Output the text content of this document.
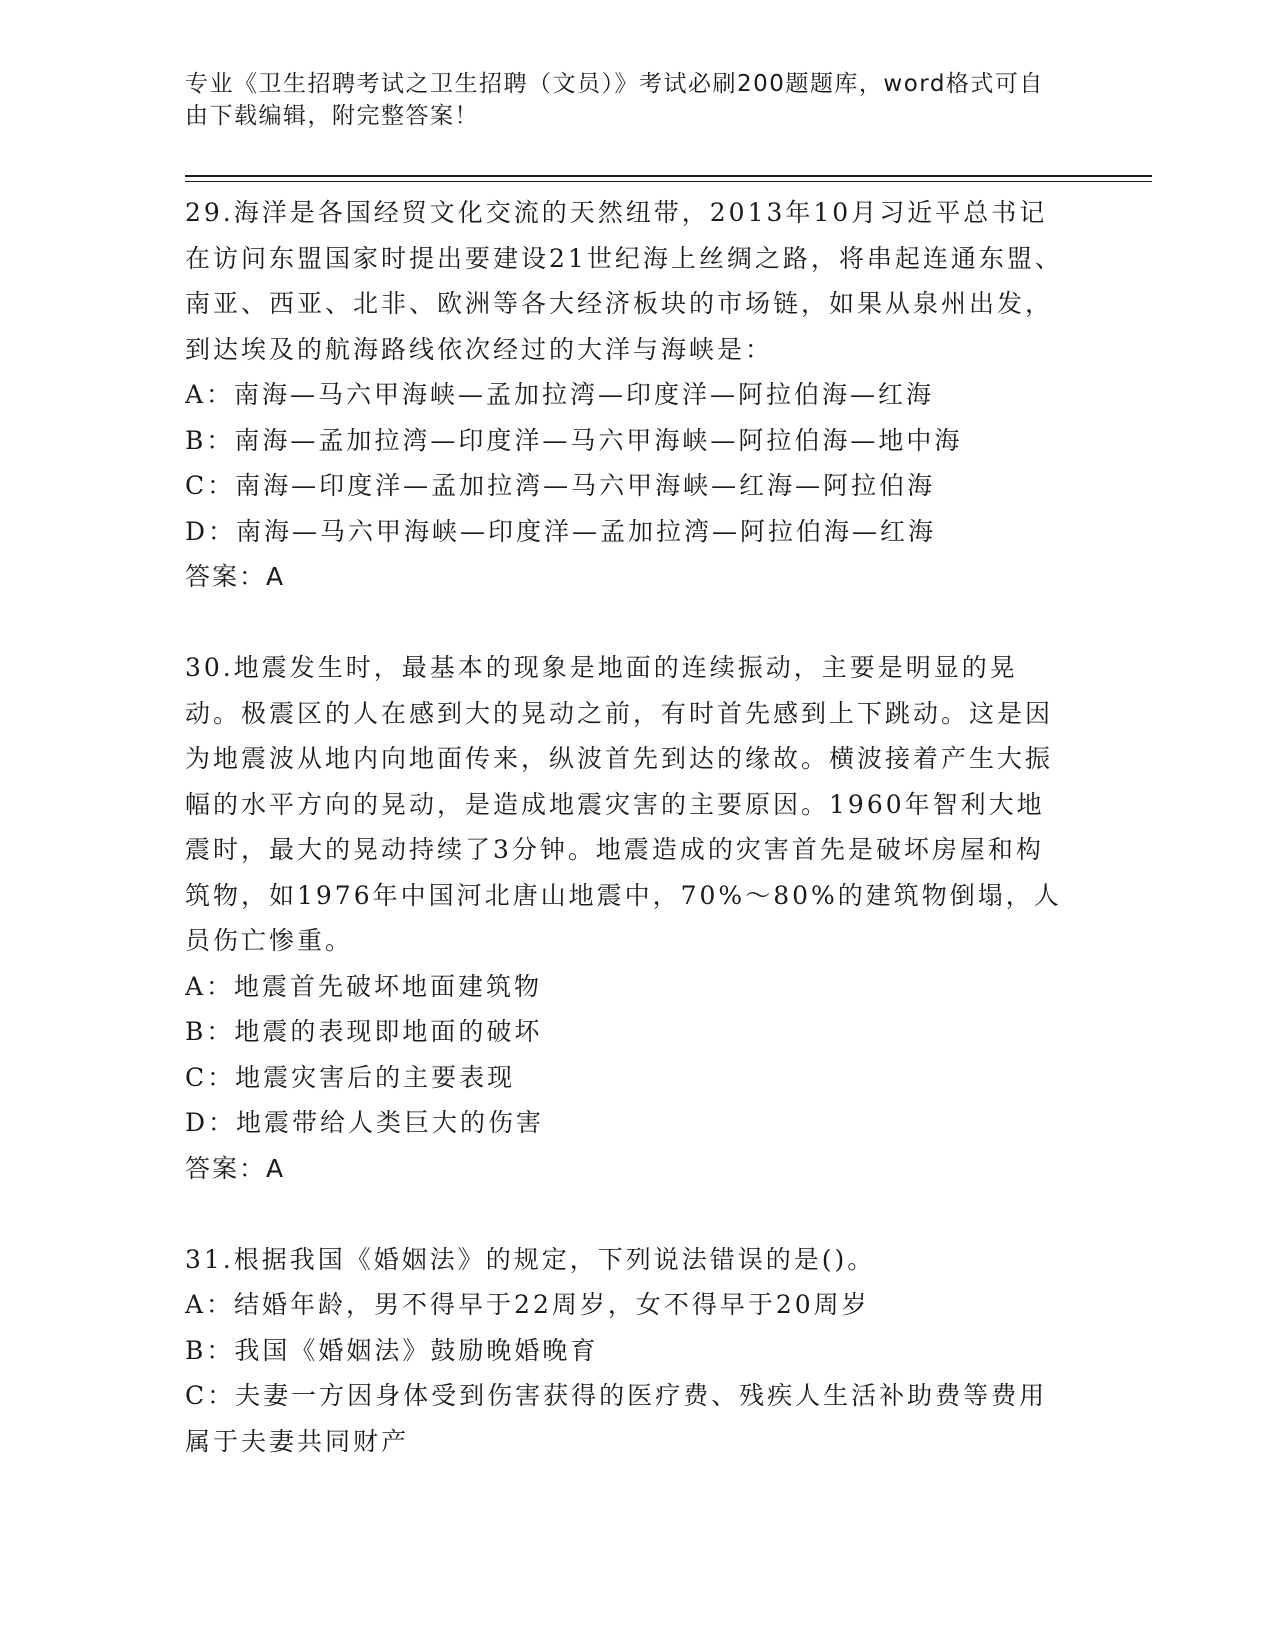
专业《卫生招聘考试之卫生招聘（文员）》考试必刷200题题库，word格式可自
由下载编辑，附完整答案！

29.海洋是各国经贸文化交流的天然纽带，2013年10月习近平总书记在访问东盟国家时提出要建设21世纪海上丝绸之路，将串起连通东盟、南亚、西亚、北非、欧洲等各大经济板块的市场链，如果从泉州出发，到达埃及的航海路线依次经过的大洋与海峡是：

A：南海—马六甲海峡—孟加拉湾—印度洋—阿拉伯海—红海

B：南海—孟加拉湾—印度洋—马六甲海峡—阿拉伯海—地中海

C：南海—印度洋—孟加拉湾—马六甲海峡—红海—阿拉伯海

D：南海—马六甲海峡—印度洋—孟加拉湾—阿拉伯海—红海

答案：A

30.地震发生时，最基本的现象是地面的连续振动，主要是明显的晃动。极震区的人在感到大的晃动之前，有时首先感到上下跳动。这是因为地震波从地内向地面传来，纵波首先到达的缘故。横波接着产生大振幅的水平方向的晃动，是造成地震灾害的主要原因。1960年智利大地震时，最大的晃动持续了3分钟。地震造成的灾害首先是破坏房屋和构筑物，如1976年中国河北唐山地震中，70%～80%的建筑物倒塌，人员伤亡惨重。

A：地震首先破坏地面建筑物

B：地震的表现即地面的破坏

C：地震灾害后的主要表现

D：地震带给人类巨大的伤害

答案：A

31.根据我国《婚姻法》的规定，下列说法错误的是()。

A：结婚年龄，男不得早于22周岁，女不得早于20周岁

B：我国《婚姻法》鼓励晚婚晚育

C：夫妻一方因身体受到伤害获得的医疗费、残疾人生活补助费等费用属于夫妻共同财产
